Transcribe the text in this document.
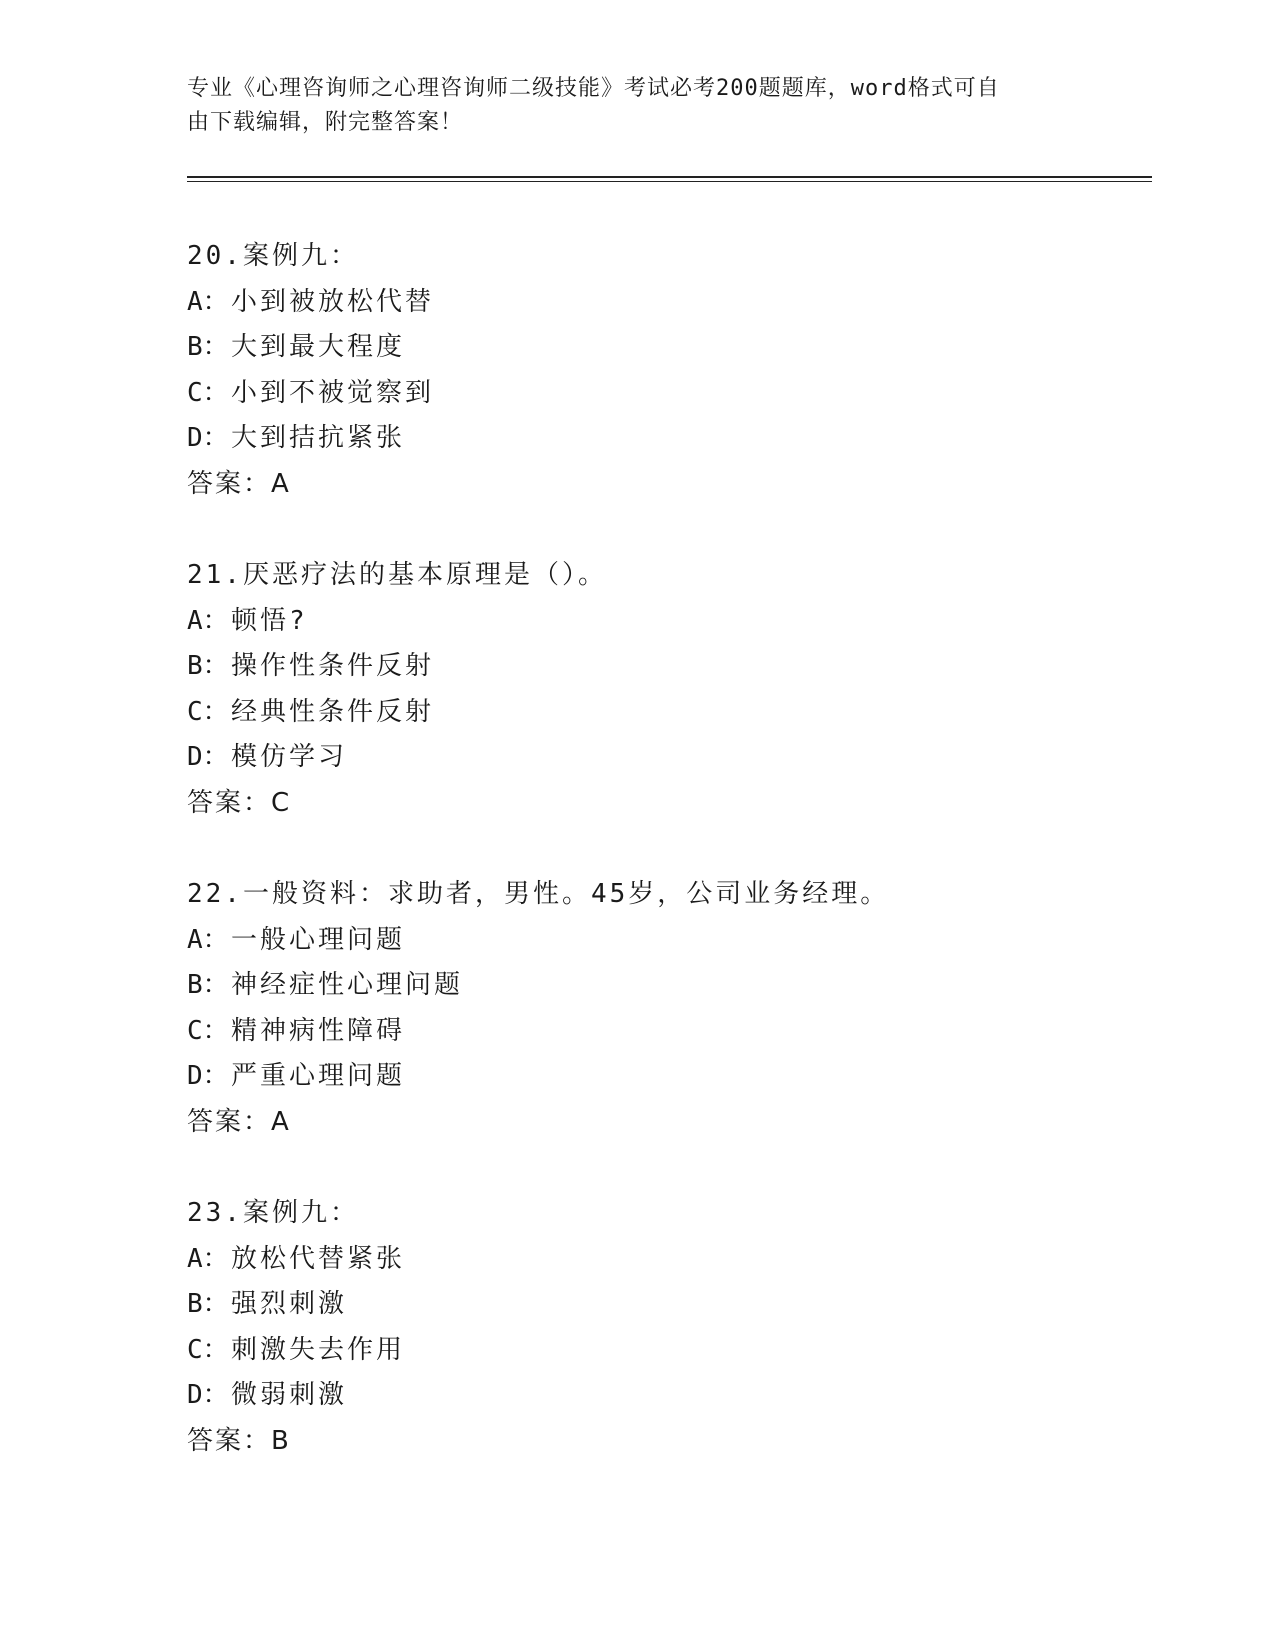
专业《心理咨询师之心理咨询师二级技能》考试必考200题题库，word格式可自
由下载编辑，附完整答案！
20.案例九：
A：小到被放松代替
B：大到最大程度
C：小到不被觉察到
D：大到拮抗紧张
答案：A
21.厌恶疗法的基本原理是（）。
A：顿悟?
B：操作性条件反射
C：经典性条件反射
D：模仿学习
答案：C
22.一般资料：求助者，男性。45岁，公司业务经理。
A：一般心理问题
B：神经症性心理问题
C：精神病性障碍
D：严重心理问题
答案：A
23.案例九：
A：放松代替紧张
B：强烈刺激
C：刺激失去作用
D：微弱刺激
答案：B
